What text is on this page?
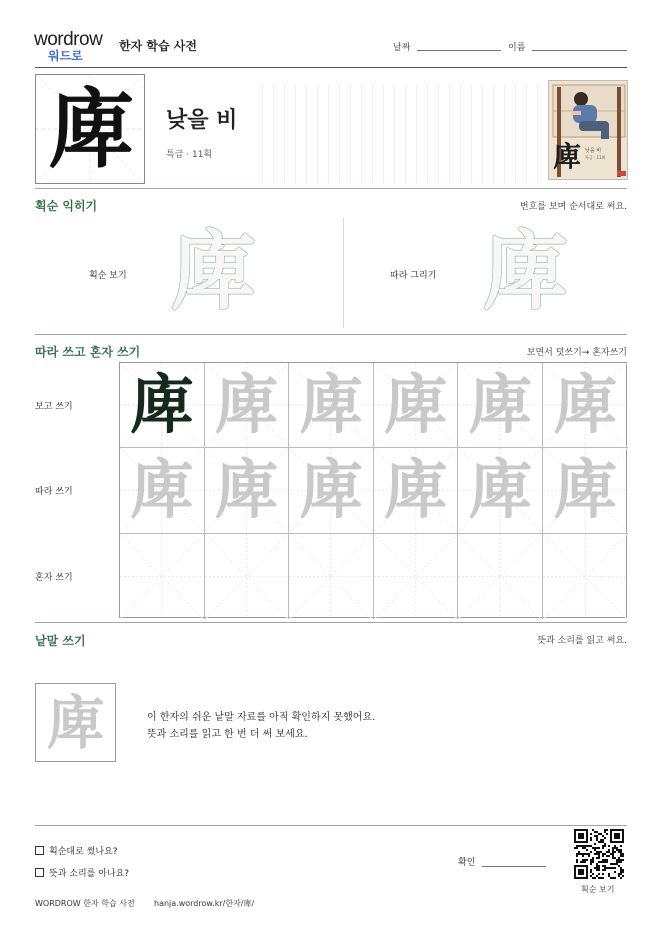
wordrow
워드로
한자 학습 사전	날짜	이름
庳	낮을 비
특급 · 11획	庳 낮을 비
특급 · 11획
획순 익히기	번호를 보며 순서대로 써요.
획순 보기 庳	따라 그리기 庳
따라 쓰고 혼자 쓰기	보면서 덧쓰기→ 혼자쓰기
보고 쓰기
따라 쓰기
혼자 쓰기
庳 庳 庳 庳 庳 庳
庳 庳 庳 庳 庳 庳
낱말 쓰기	뜻과 소리를 읽고 써요.
庳	이 한자의 쉬운 낱말 자료를 아직 확인하지 못했어요.
뜻과 소리를 읽고 한 번 더 써 보세요.
획순대로 썼나요?
뜻과 소리를 아나요?
확인
획순 보기
WORDROW 한자 학습 사전 hanja.wordrow.kr/한자/庳/
